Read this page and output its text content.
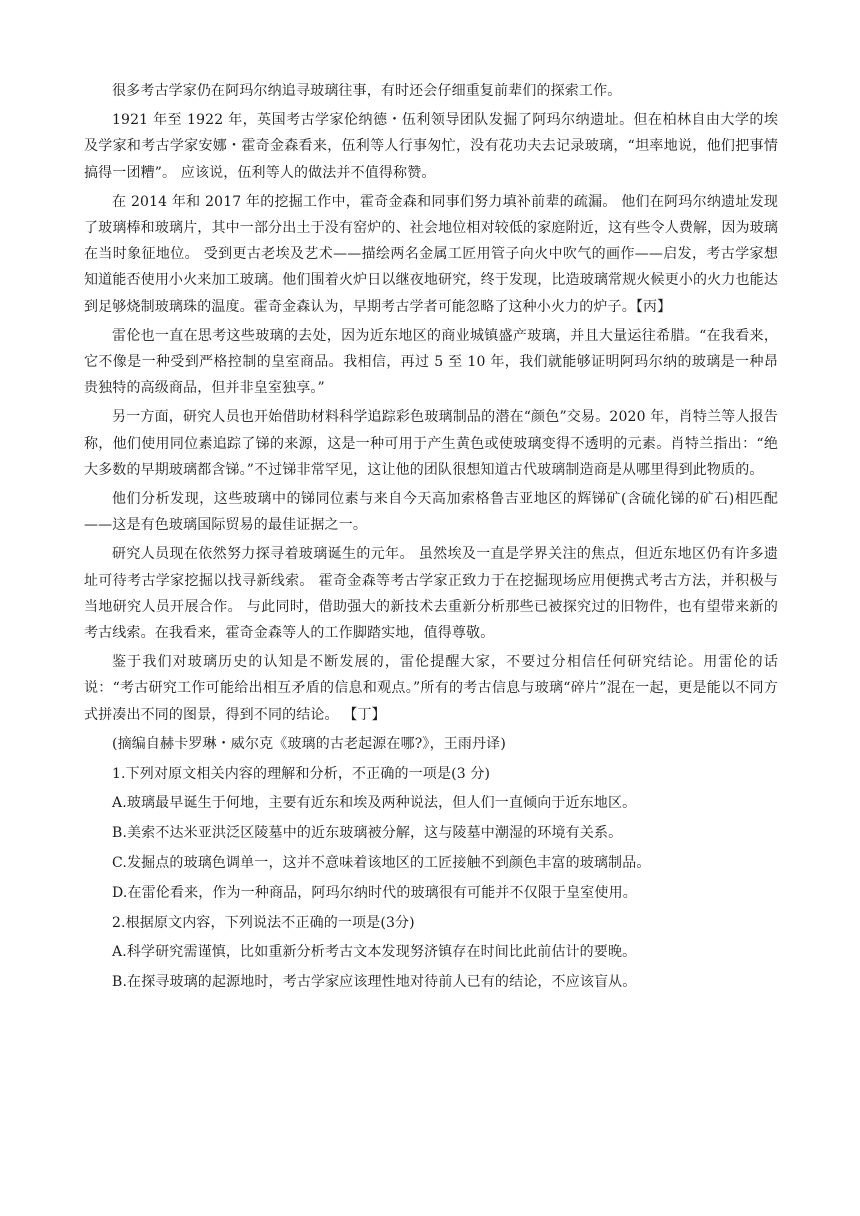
很多考古学家仍在阿玛尔纳追寻玻璃往事，有时还会仔细重复前辈们的探索工作。

1921 年至 1922 年，英国考古学家伦纳德・伍利领导团队发掘了阿玛尔纳遗址。但在柏林自由大学的埃及学家和考古学家安娜・霍奇金森看来，伍利等人行事匆忙，没有花功夫去记录玻璃，“坦率地说，他们把事情搞得一团糟”。 应该说，伍利等人的做法并不值得称赞。

在 2014 年和 2017 年的挖掘工作中，霍奇金森和同事们努力填补前辈的疏漏。 他们在阿玛尔纳遗址发现了玻璃棒和玻璃片，其中一部分出土于没有窑炉的、社会地位相对较低的家庭附近，这有些令人费解，因为玻璃在当时象征地位。 受到更古老埃及艺术——描绘两名金属工匠用管子向火中吹气的画作——启发，考古学家想知道能否使用小火来加工玻璃。他们围着火炉日以继夜地研究，终于发现，比造玻璃常规火候更小的火力也能达到足够烧制玻璃珠的温度。霍奇金森认为，早期考古学者可能忽略了这种小火力的炉子。【丙】

雷伦也一直在思考这些玻璃的去处，因为近东地区的商业城镇盛产玻璃，并且大量运往希腊。“在我看来，它不像是一种受到严格控制的皇室商品。我相信，再过 5 至 10 年，我们就能够证明阿玛尔纳的玻璃是一种昂贵独特的高级商品，但并非皇室独享。”

另一方面，研究人员也开始借助材料科学追踪彩色玻璃制品的潜在“颜色”交易。2020 年，肖特兰等人报告称，他们使用同位素追踪了锑的来源，这是一种可用于产生黄色或使玻璃变得不透明的元素。肖特兰指出：“绝大多数的早期玻璃都含锑。”不过锑非常罕见，这让他的团队很想知道古代玻璃制造商是从哪里得到此物质的。

他们分析发现，这些玻璃中的锑同位素与来自今天高加索格鲁吉亚地区的辉锑矿(含硫化锑的矿石)相匹配——这是有色玻璃国际贸易的最佳证据之一。

研究人员现在依然努力探寻着玻璃诞生的元年。 虽然埃及一直是学界关注的焦点，但近东地区仍有许多遗址可待考古学家挖掘以找寻新线索。 霍奇金森等考古学家正致力于在挖掘现场应用便携式考古方法，并积极与当地研究人员开展合作。 与此同时，借助强大的新技术去重新分析那些已被探究过的旧物件，也有望带来新的考古线索。在我看来，霍奇金森等人的工作脚踏实地，值得尊敬。

鉴于我们对玻璃历史的认知是不断发展的，雷伦提醒大家，不要过分相信任何研究结论。用雷伦的话说：“考古研究工作可能给出相互矛盾的信息和观点。”所有的考古信息与玻璃“碎片”混在一起，更是能以不同方式拼凑出不同的图景，得到不同的结论。 【丁】

(摘编自赫卡罗琳・威尔克《玻璃的古老起源在哪?》，王雨丹译)

1.下列对原文相关内容的理解和分析，不正确的一项是(3 分)

A.玻璃最早诞生于何地，主要有近东和埃及两种说法，但人们一直倾向于近东地区。

B.美索不达米亚洪泛区陵墓中的近东玻璃被分解，这与陵墓中潮湿的环境有关系。

C.发掘点的玻璃色调单一，这并不意味着该地区的工匠接触不到颜色丰富的玻璃制品。

D.在雷伦看来，作为一种商品，阿玛尔纳时代的玻璃很有可能并不仅限于皇室使用。

2.根据原文内容，下列说法不正确的一项是(3分)

A.科学研究需谨慎，比如重新分析考古文本发现努济镇存在时间比此前估计的要晚。

B.在探寻玻璃的起源地时，考古学家应该理性地对待前人已有的结论，不应该盲从。
